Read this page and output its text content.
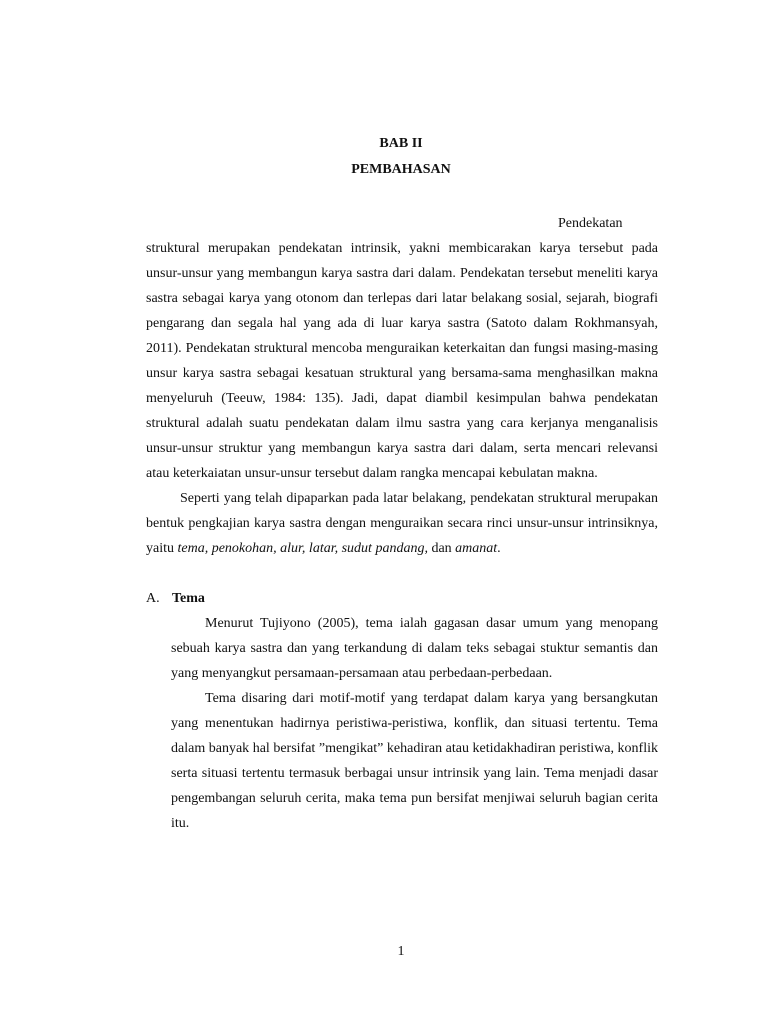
BAB II
PEMBAHASAN

Pendekatan struktural merupakan pendekatan intrinsik, yakni membicarakan karya tersebut pada unsur-unsur yang membangun karya sastra dari dalam. Pendekatan tersebut meneliti karya sastra sebagai karya yang otonom dan terlepas dari latar belakang sosial, sejarah, biografi pengarang dan segala hal yang ada di luar karya sastra (Satoto dalam Rokhmansyah, 2011). Pendekatan struktural mencoba menguraikan keterkaitan dan fungsi masing-masing unsur karya sastra sebagai kesatuan struktural yang bersama-sama menghasilkan makna menyeluruh (Teeuw, 1984: 135). Jadi, dapat diambil kesimpulan bahwa pendekatan struktural adalah suatu pendekatan dalam ilmu sastra yang cara kerjanya menganalisis unsur-unsur struktur yang membangun karya sastra dari dalam, serta mencari relevansi atau keterkaiatan unsur-unsur tersebut dalam rangka mencapai kebulatan makna.

Seperti yang telah dipaparkan pada latar belakang, pendekatan struktural merupakan bentuk pengkajian karya sastra dengan menguraikan secara rinci unsur-unsur intrinsiknya, yaitu tema, penokohan, alur, latar, sudut pandang, dan amanat.

A. Tema

Menurut Tujiyono (2005), tema ialah gagasan dasar umum yang menopang sebuah karya sastra dan yang terkandung di dalam teks sebagai stuktur semantis dan yang menyangkut persamaan-persamaan atau perbedaan-perbedaan.

Tema disaring dari motif-motif yang terdapat dalam karya yang bersangkutan yang menentukan hadirnya peristiwa-peristiwa, konflik, dan situasi tertentu. Tema dalam banyak hal bersifat ”mengikat” kehadiran atau ketidakhadiran peristiwa, konflik serta situasi tertentu termasuk berbagai unsur intrinsik yang lain. Tema menjadi dasar pengembangan seluruh cerita, maka tema pun bersifat menjiwai seluruh bagian cerita itu.

1
